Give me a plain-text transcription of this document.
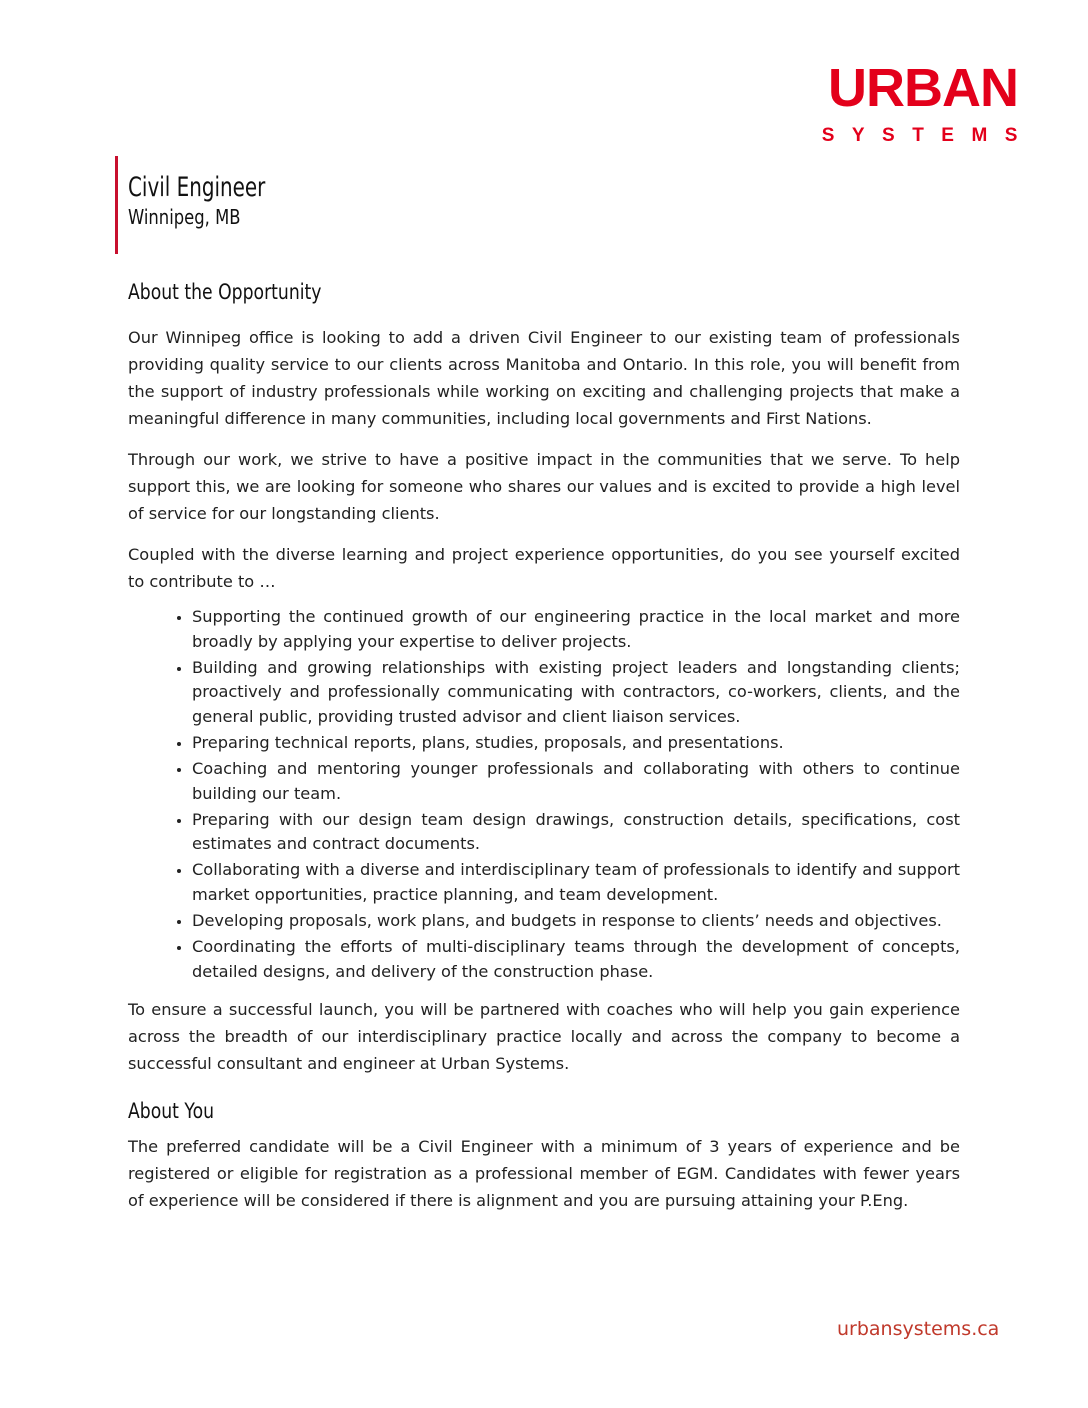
URBAN
SYSTEMS
Civil Engineer
Winnipeg, MB
About the Opportunity

Our Winnipeg office is looking to add a driven Civil Engineer to our existing team of professionals providing quality service to our clients across Manitoba and Ontario. In this role, you will benefit from the support of industry professionals while working on exciting and challenging projects that make a meaningful difference in many communities, including local governments and First Nations.

Through our work, we strive to have a positive impact in the communities that we serve. To help support this, we are looking for someone who shares our values and is excited to provide a high level of service for our longstanding clients.

Coupled with the diverse learning and project experience opportunities, do you see yourself excited to contribute to …

• Supporting the continued growth of our engineering practice in the local market and more broadly by applying your expertise to deliver projects.
• Building and growing relationships with existing project leaders and longstanding clients; proactively and professionally communicating with contractors, co-workers, clients, and the general public, providing trusted advisor and client liaison services.
• Preparing technical reports, plans, studies, proposals, and presentations.
• Coaching and mentoring younger professionals and collaborating with others to continue building our team.
• Preparing with our design team design drawings, construction details, specifications, cost estimates and contract documents.
• Collaborating with a diverse and interdisciplinary team of professionals to identify and support market opportunities, practice planning, and team development.
• Developing proposals, work plans, and budgets in response to clients’ needs and objectives.
• Coordinating the efforts of multi-disciplinary teams through the development of concepts, detailed designs, and delivery of the construction phase.

To ensure a successful launch, you will be partnered with coaches who will help you gain experience across the breadth of our interdisciplinary practice locally and across the company to become a successful consultant and engineer at Urban Systems.

About You

The preferred candidate will be a Civil Engineer with a minimum of 3 years of experience and be registered or eligible for registration as a professional member of EGM. Candidates with fewer years of experience will be considered if there is alignment and you are pursuing attaining your P.Eng.

urbansystems.ca
